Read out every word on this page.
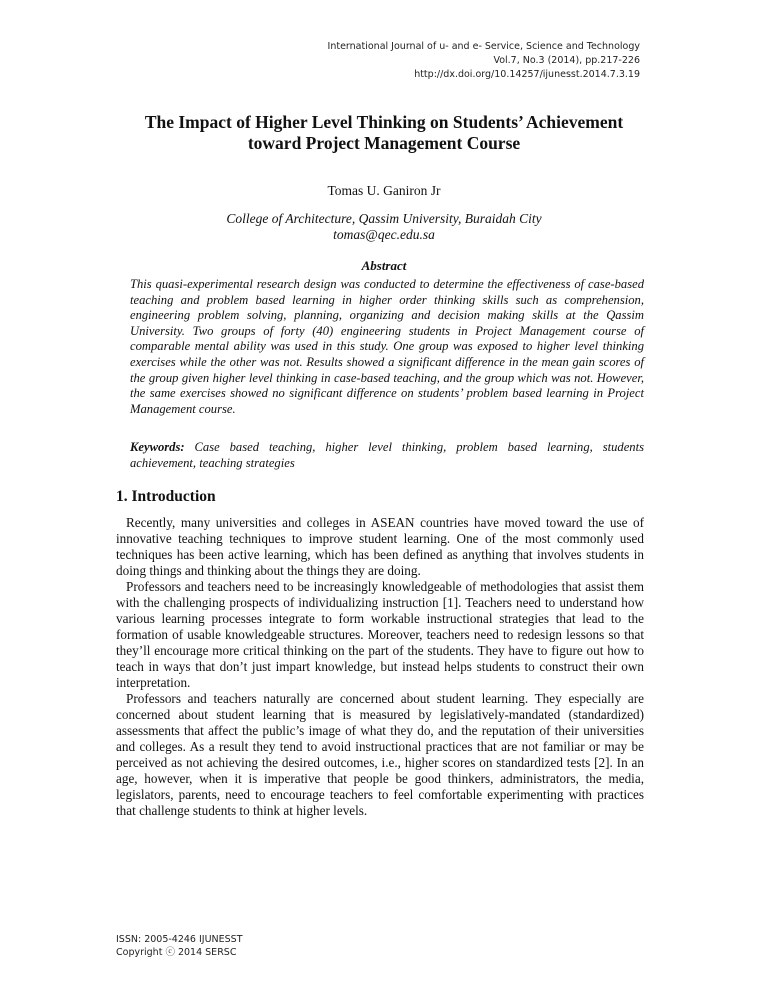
International Journal of u- and e- Service, Science and Technology
Vol.7, No.3 (2014), pp.217-226
http://dx.doi.org/10.14257/ijunesst.2014.7.3.19
The Impact of Higher Level Thinking on Students’ Achievement
toward Project Management Course
Tomas U. Ganiron Jr
College of Architecture, Qassim University, Buraidah City
tomas@qec.edu.sa
Abstract
This quasi-experimental research design was conducted to determine the effectiveness of case-based teaching and problem based learning in higher order thinking skills such as comprehension, engineering problem solving, planning, organizing and decision making skills at the Qassim University. Two groups of forty (40) engineering students in Project Management course of comparable mental ability was used in this study. One group was exposed to higher level thinking exercises while the other was not. Results showed a significant difference in the mean gain scores of the group given higher level thinking in case-based teaching, and the group which was not. However, the same exercises showed no significant difference on students’ problem based learning in Project Management course.
Keywords: Case based teaching, higher level thinking, problem based learning, students achievement, teaching strategies
1. Introduction

Recently, many universities and colleges in ASEAN countries have moved toward the use of innovative teaching techniques to improve student learning. One of the most commonly used techniques has been active learning, which has been defined as anything that involves students in doing things and thinking about the things they are doing.

Professors and teachers need to be increasingly knowledgeable of methodologies that assist them with the challenging prospects of individualizing instruction [1]. Teachers need to understand how various learning processes integrate to form workable instructional strategies that lead to the formation of usable knowledgeable structures. Moreover, teachers need to redesign lessons so that they’ll encourage more critical thinking on the part of the students. They have to figure out how to teach in ways that don’t just impart knowledge, but instead helps students to construct their own interpretation.

Professors and teachers naturally are concerned about student learning. They especially are concerned about student learning that is measured by legislatively-mandated (standardized) assessments that affect the public’s image of what they do, and the reputation of their universities and colleges. As a result they tend to avoid instructional practices that are not familiar or may be perceived as not achieving the desired outcomes, i.e., higher scores on standardized tests [2]. In an age, however, when it is imperative that people be good thinkers, administrators, the media, legislators, parents, need to encourage teachers to feel comfortable experimenting with practices that challenge students to think at higher levels.

ISSN: 2005-4246 IJUNESST
Copyright ⓒ 2014 SERSC
